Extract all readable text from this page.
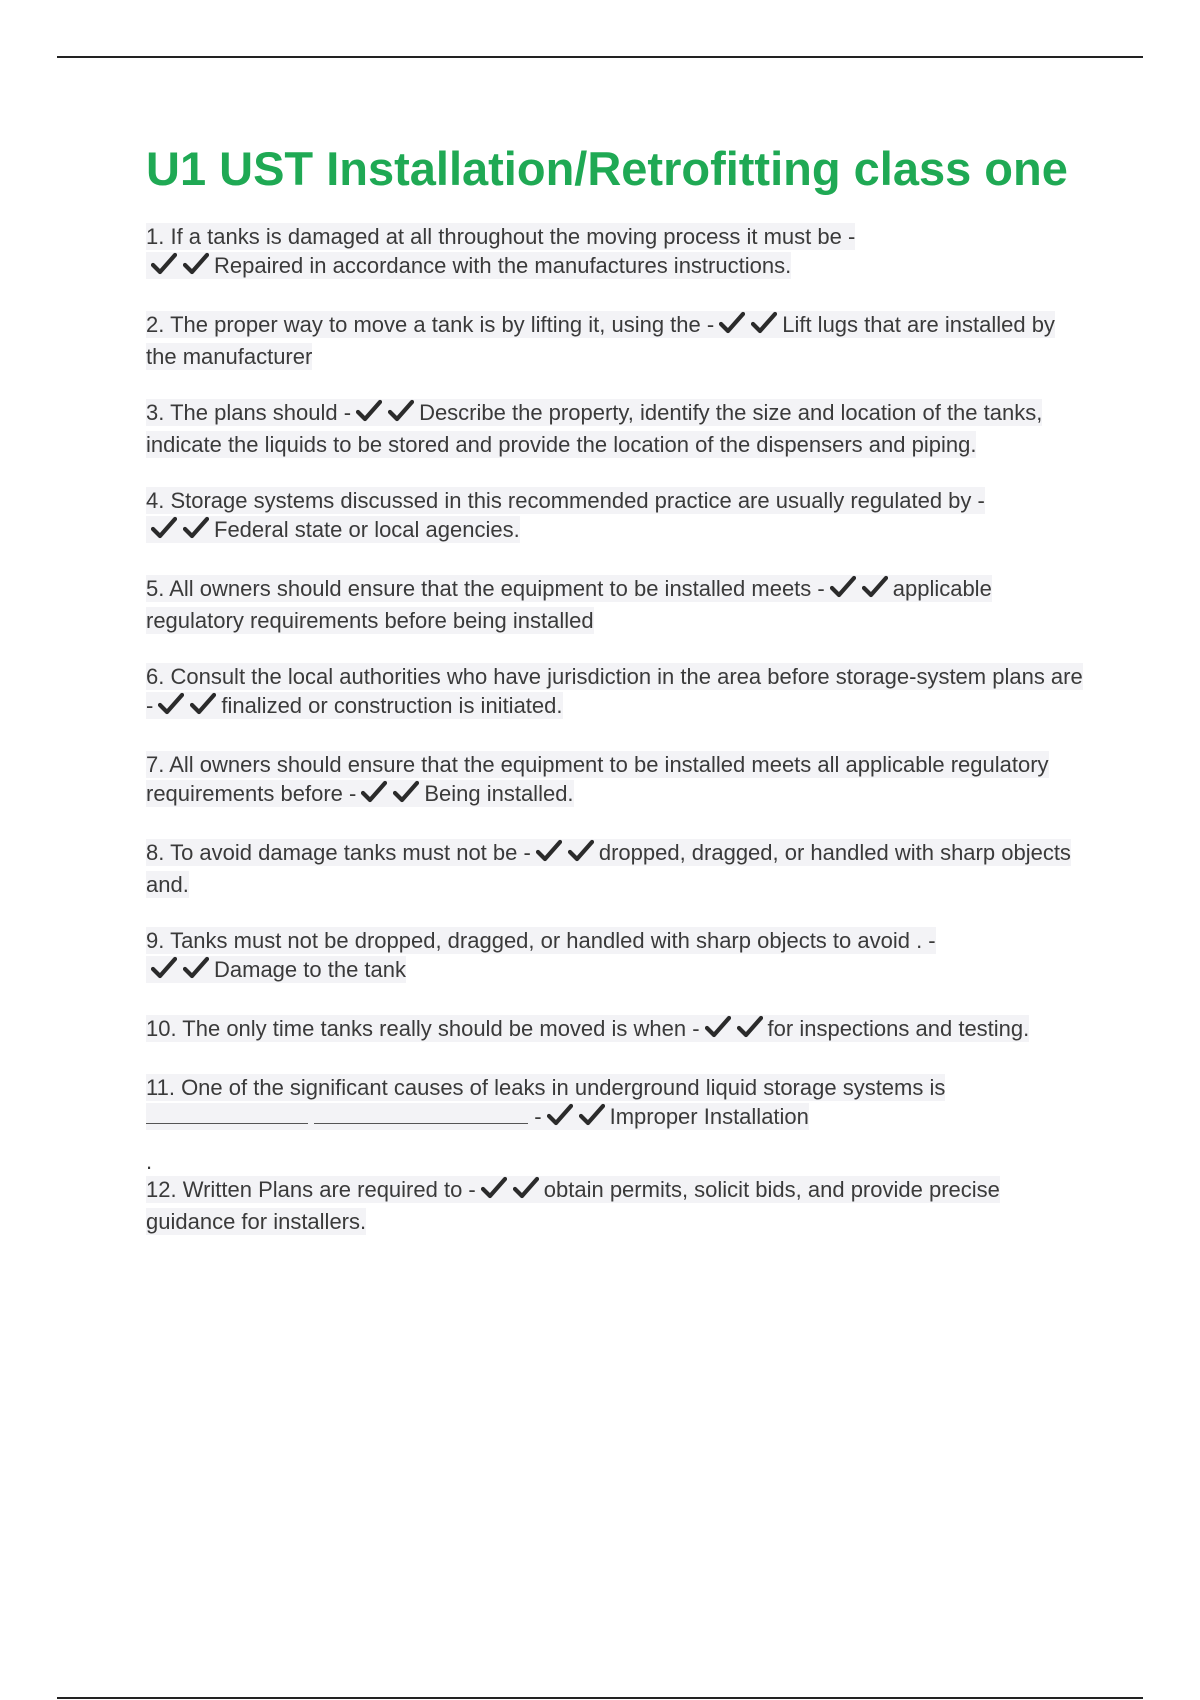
U1 UST Installation/Retrofitting class one
1. If a tanks is damaged at all throughout the moving process it must be -
Repaired in accordance with the manufactures instructions.
2. The proper way to move a tank is by lifting it, using the -	Lift lugs that are installed by the manufacturer
3. The plans should -	Describe the property, identify the size and location of the tanks, indicate the liquids to be stored and provide the location of the dispensers and piping.
4. Storage systems discussed in this recommended practice are usually regulated by -
Federal state or local agencies.
5. All owners should ensure that the equipment to be installed meets -	applicable regulatory requirements before being installed
6. Consult the local authorities who have jurisdiction in the area before storage-system plans are -	finalized or construction is initiated.
7. All owners should ensure that the equipment to be installed meets all applicable regulatory requirements before -	Being installed.
8. To avoid damage tanks must not be -	dropped, dragged, or handled with sharp objects and.
9. Tanks must not be dropped, dragged, or handled with sharp objects to avoid . -
Damage to the tank
10. The only time tanks really should be moved is when -	for inspections and testing.
11. One of the significant causes of leaks in underground liquid storage systems is
-	Improper Installation
.
12. Written Plans are required to -	obtain permits, solicit bids, and provide precise guidance for installers.
